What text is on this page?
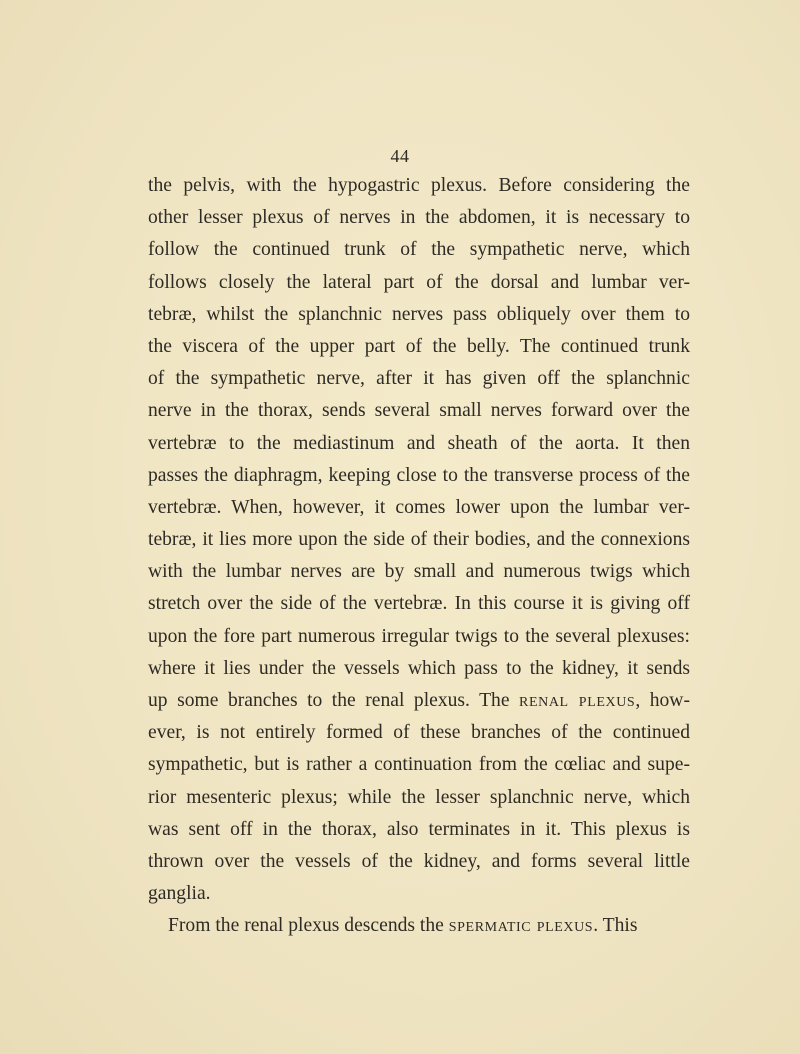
44
the pelvis, with the hypogastric plexus. Before considering the
other lesser plexus of nerves in the abdomen, it is necessary to
follow the continued trunk of the sympathetic nerve, which
follows closely the lateral part of the dorsal and lumbar ver-
tebræ, whilst the splanchnic nerves pass obliquely over them to
the viscera of the upper part of the belly. The continued trunk
of the sympathetic nerve, after it has given off the splanchnic
nerve in the thorax, sends several small nerves forward over the
vertebræ to the mediastinum and sheath of the aorta. It then
passes the diaphragm, keeping close to the transverse process of the
vertebræ. When, however, it comes lower upon the lumbar ver-
tebræ, it lies more upon the side of their bodies, and the connexions
with the lumbar nerves are by small and numerous twigs which
stretch over the side of the vertebræ. In this course it is giving off
upon the fore part numerous irregular twigs to the several plexuses:
where it lies under the vessels which pass to the kidney, it sends
up some branches to the renal plexus. The renal plexus, how-
ever, is not entirely formed of these branches of the continued
sympathetic, but is rather a continuation from the cœliac and supe-
rior mesenteric plexus; while the lesser splanchnic nerve, which
was sent off in the thorax, also terminates in it. This plexus is
thrown over the vessels of the kidney, and forms several little
ganglia.
From the renal plexus descends the spermatic plexus. This
